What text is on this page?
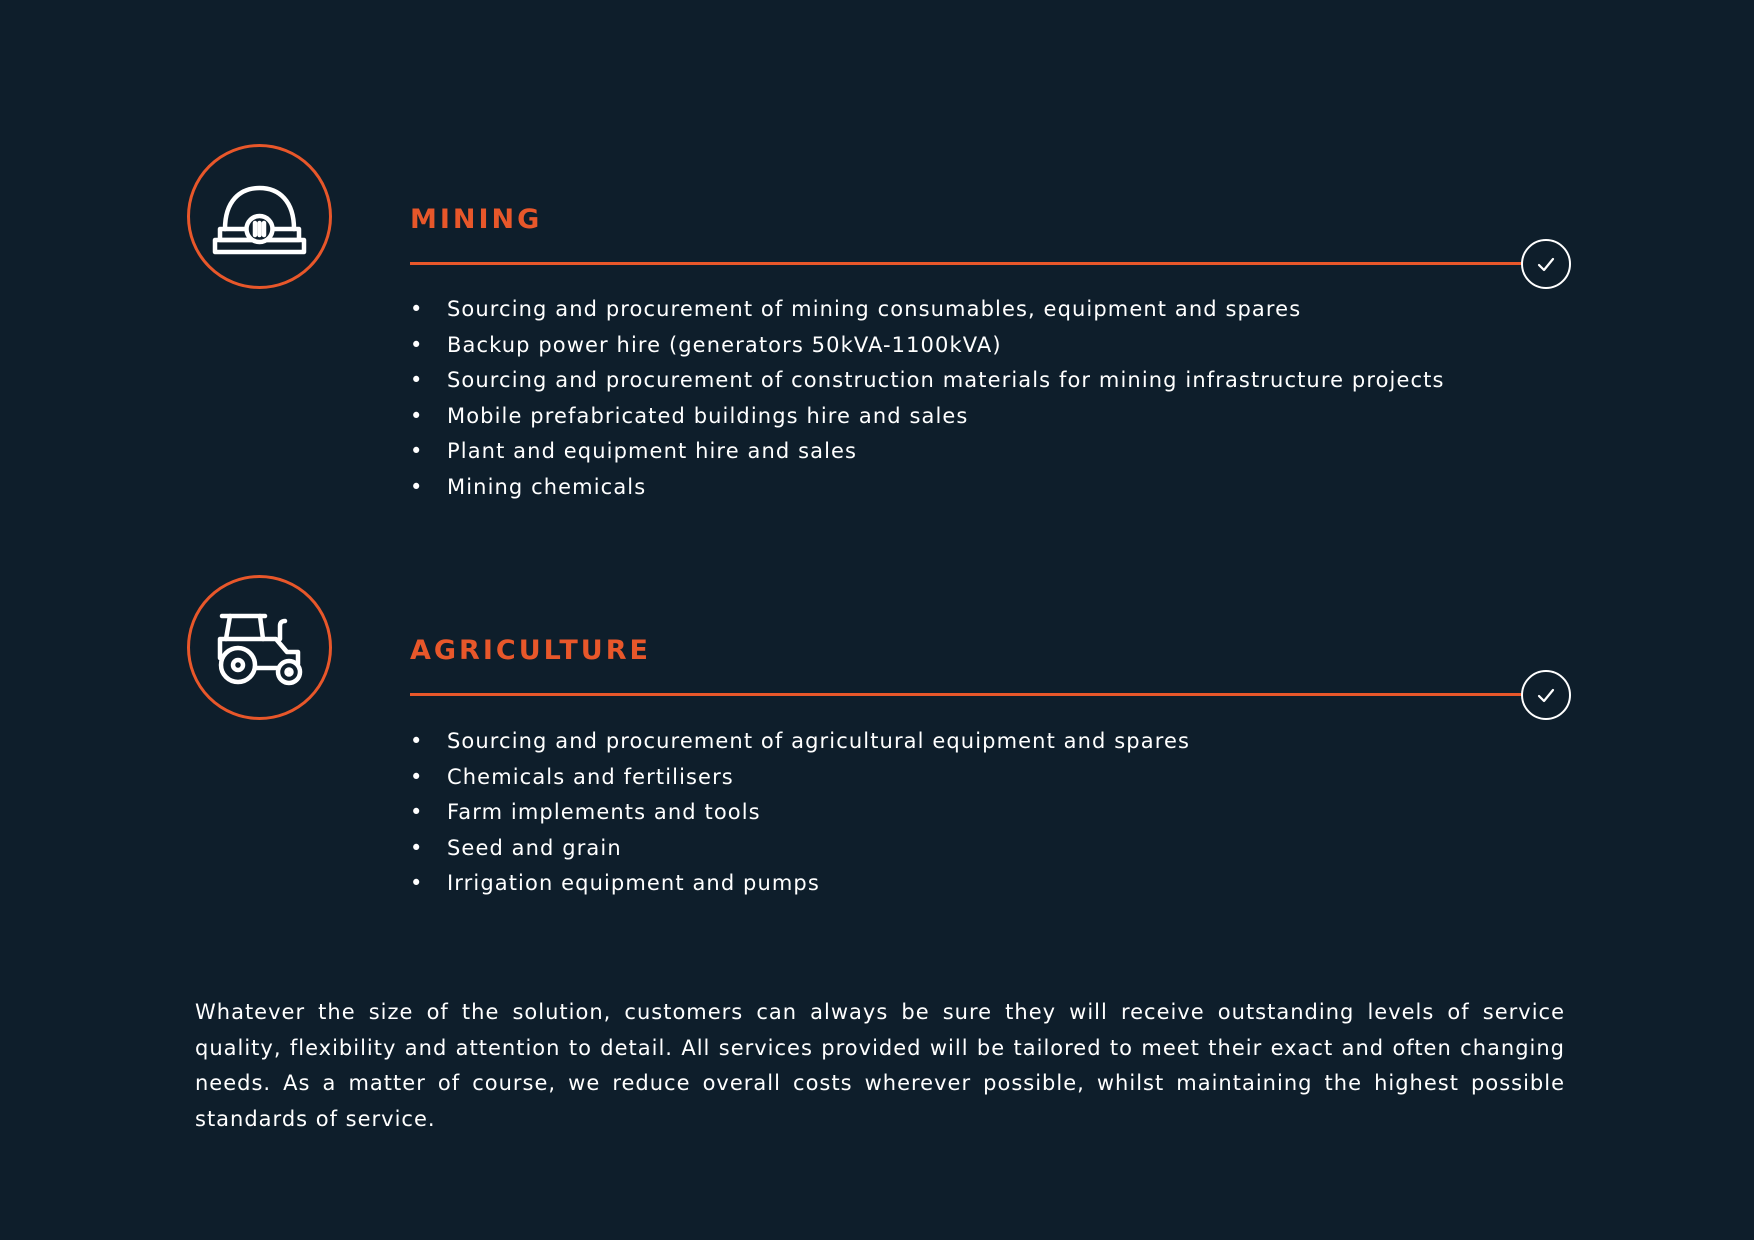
MINING
• Sourcing and procurement of mining consumables, equipment and spares
• Backup power hire (generators 50kVA-1100kVA)
• Sourcing and procurement of construction materials for mining infrastructure projects
• Mobile prefabricated buildings hire and sales
• Plant and equipment hire and sales
• Mining chemicals
AGRICULTURE
• Sourcing and procurement of agricultural equipment and spares
• Chemicals and fertilisers
• Farm implements and tools
• Seed and grain
• Irrigation equipment and pumps

Whatever the size of the solution, customers can always be sure they will receive outstanding levels of service quality, flexibility and attention to detail. All services provided will be tailored to meet their exact and often changing needs. As a matter of course, we reduce overall costs wherever possible, whilst maintaining the highest possible standards of service.
